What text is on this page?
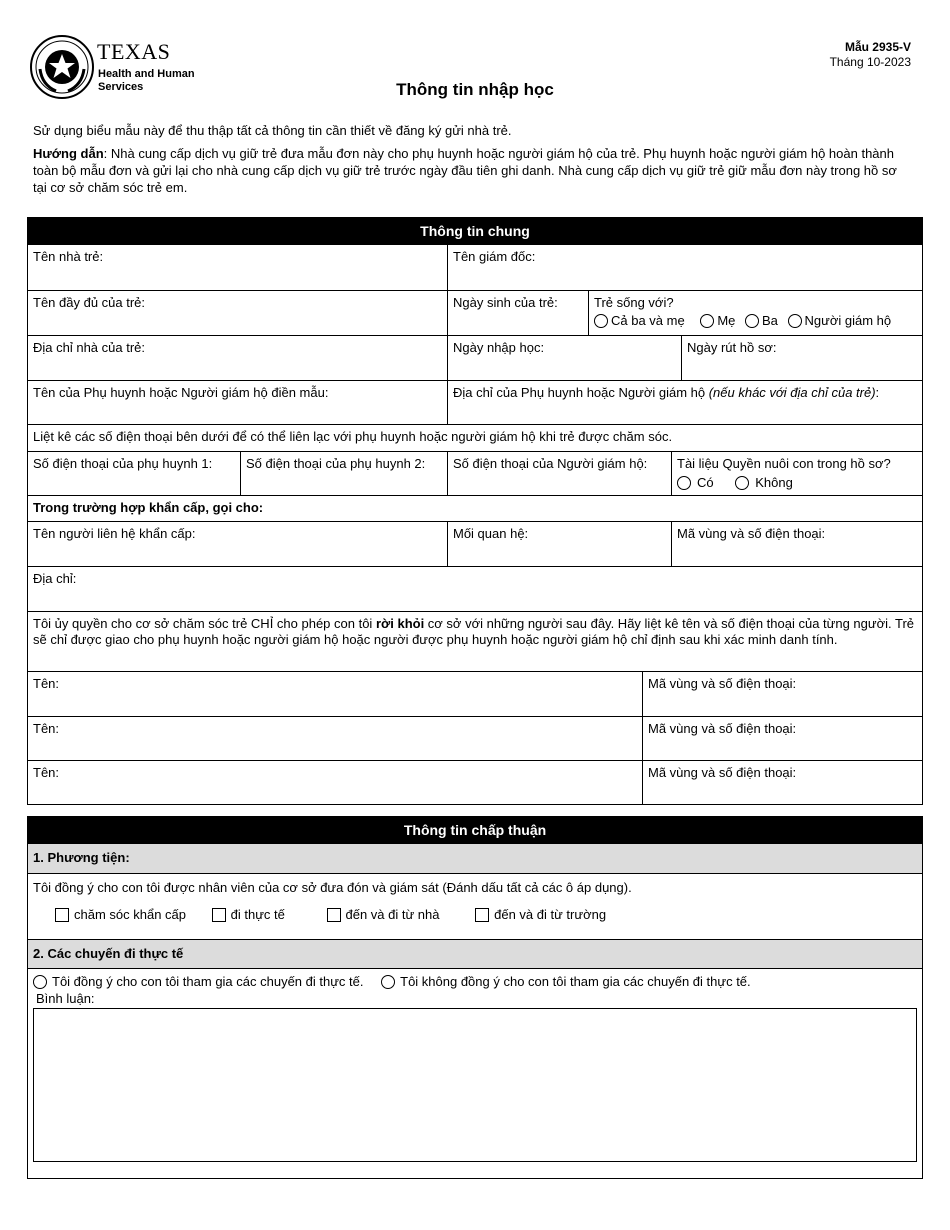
TEXAS
Health and Human
Services
Mẫu 2935-V
Tháng 10-2023
Thông tin nhập học

Sử dụng biểu mẫu này để thu thập tất cả thông tin cần thiết về đăng ký gửi nhà trẻ.

Hướng dẫn: Nhà cung cấp dịch vụ giữ trẻ đưa mẫu đơn này cho phụ huynh hoặc người giám hộ của trẻ. Phụ huynh hoặc người giám hộ hoàn thành toàn bộ mẫu đơn và gửi lại cho nhà cung cấp dịch vụ giữ trẻ trước ngày đầu tiên ghi danh. Nhà cung cấp dịch vụ giữ trẻ giữ mẫu đơn này trong hồ sơ tại cơ sở chăm sóc trẻ em.

Thông tin chung
Tên nhà trẻ:	Tên giám đốc:
Tên đầy đủ của trẻ:	Ngày sinh của trẻ:	Trẻ sống với?
Cả ba và mẹ	Mẹ Ba Người giám hộ
Địa chỉ nhà của trẻ:	Ngày nhập học:	Ngày rút hồ sơ:
Tên của Phụ huynh hoặc Người giám hộ điền mẫu:	Địa chỉ của Phụ huynh hoặc Người giám hộ (nếu khác với địa chỉ của trẻ):
Liệt kê các số điện thoại bên dưới để có thể liên lạc với phụ huynh hoặc người giám hộ khi trẻ được chăm sóc.
Số điện thoại của phụ huynh 1:	Số điện thoại của phụ huynh 2:	Số điện thoại của Người giám hộ:	Tài liệu Quyền nuôi con trong hồ sơ?
Có	Không
Trong trường hợp khẩn cấp, gọi cho:
Tên người liên hệ khẩn cấp:	Mối quan hệ:	Mã vùng và số điện thoại:
Địa chỉ:
Tôi ủy quyền cho cơ sở chăm sóc trẻ CHỈ cho phép con tôi rời khỏi cơ sở với những người sau đây. Hãy liệt kê tên và số điện thoại của từng người. Trẻ sẽ chỉ được giao cho phụ huynh hoặc người giám hộ hoặc người được phụ huynh hoặc người giám hộ chỉ định sau khi xác minh danh tính.
Tên:	Mã vùng và số điện thoại:
Tên:	Mã vùng và số điện thoại:
Tên:	Mã vùng và số điện thoại:
Thông tin chấp thuận
1. Phương tiện:
Tôi đồng ý cho con tôi được nhân viên của cơ sở đưa đón và giám sát (Đánh dấu tất cả các ô áp dụng).
chăm sóc khẩn cấp	đi thực tế	đến và đi từ nhà	đến và đi từ trường
2. Các chuyến đi thực tế
Tôi đồng ý cho con tôi tham gia các chuyến đi thực tế.	Tôi không đồng ý cho con tôi tham gia các chuyến đi thực tế.
Bình luận:
